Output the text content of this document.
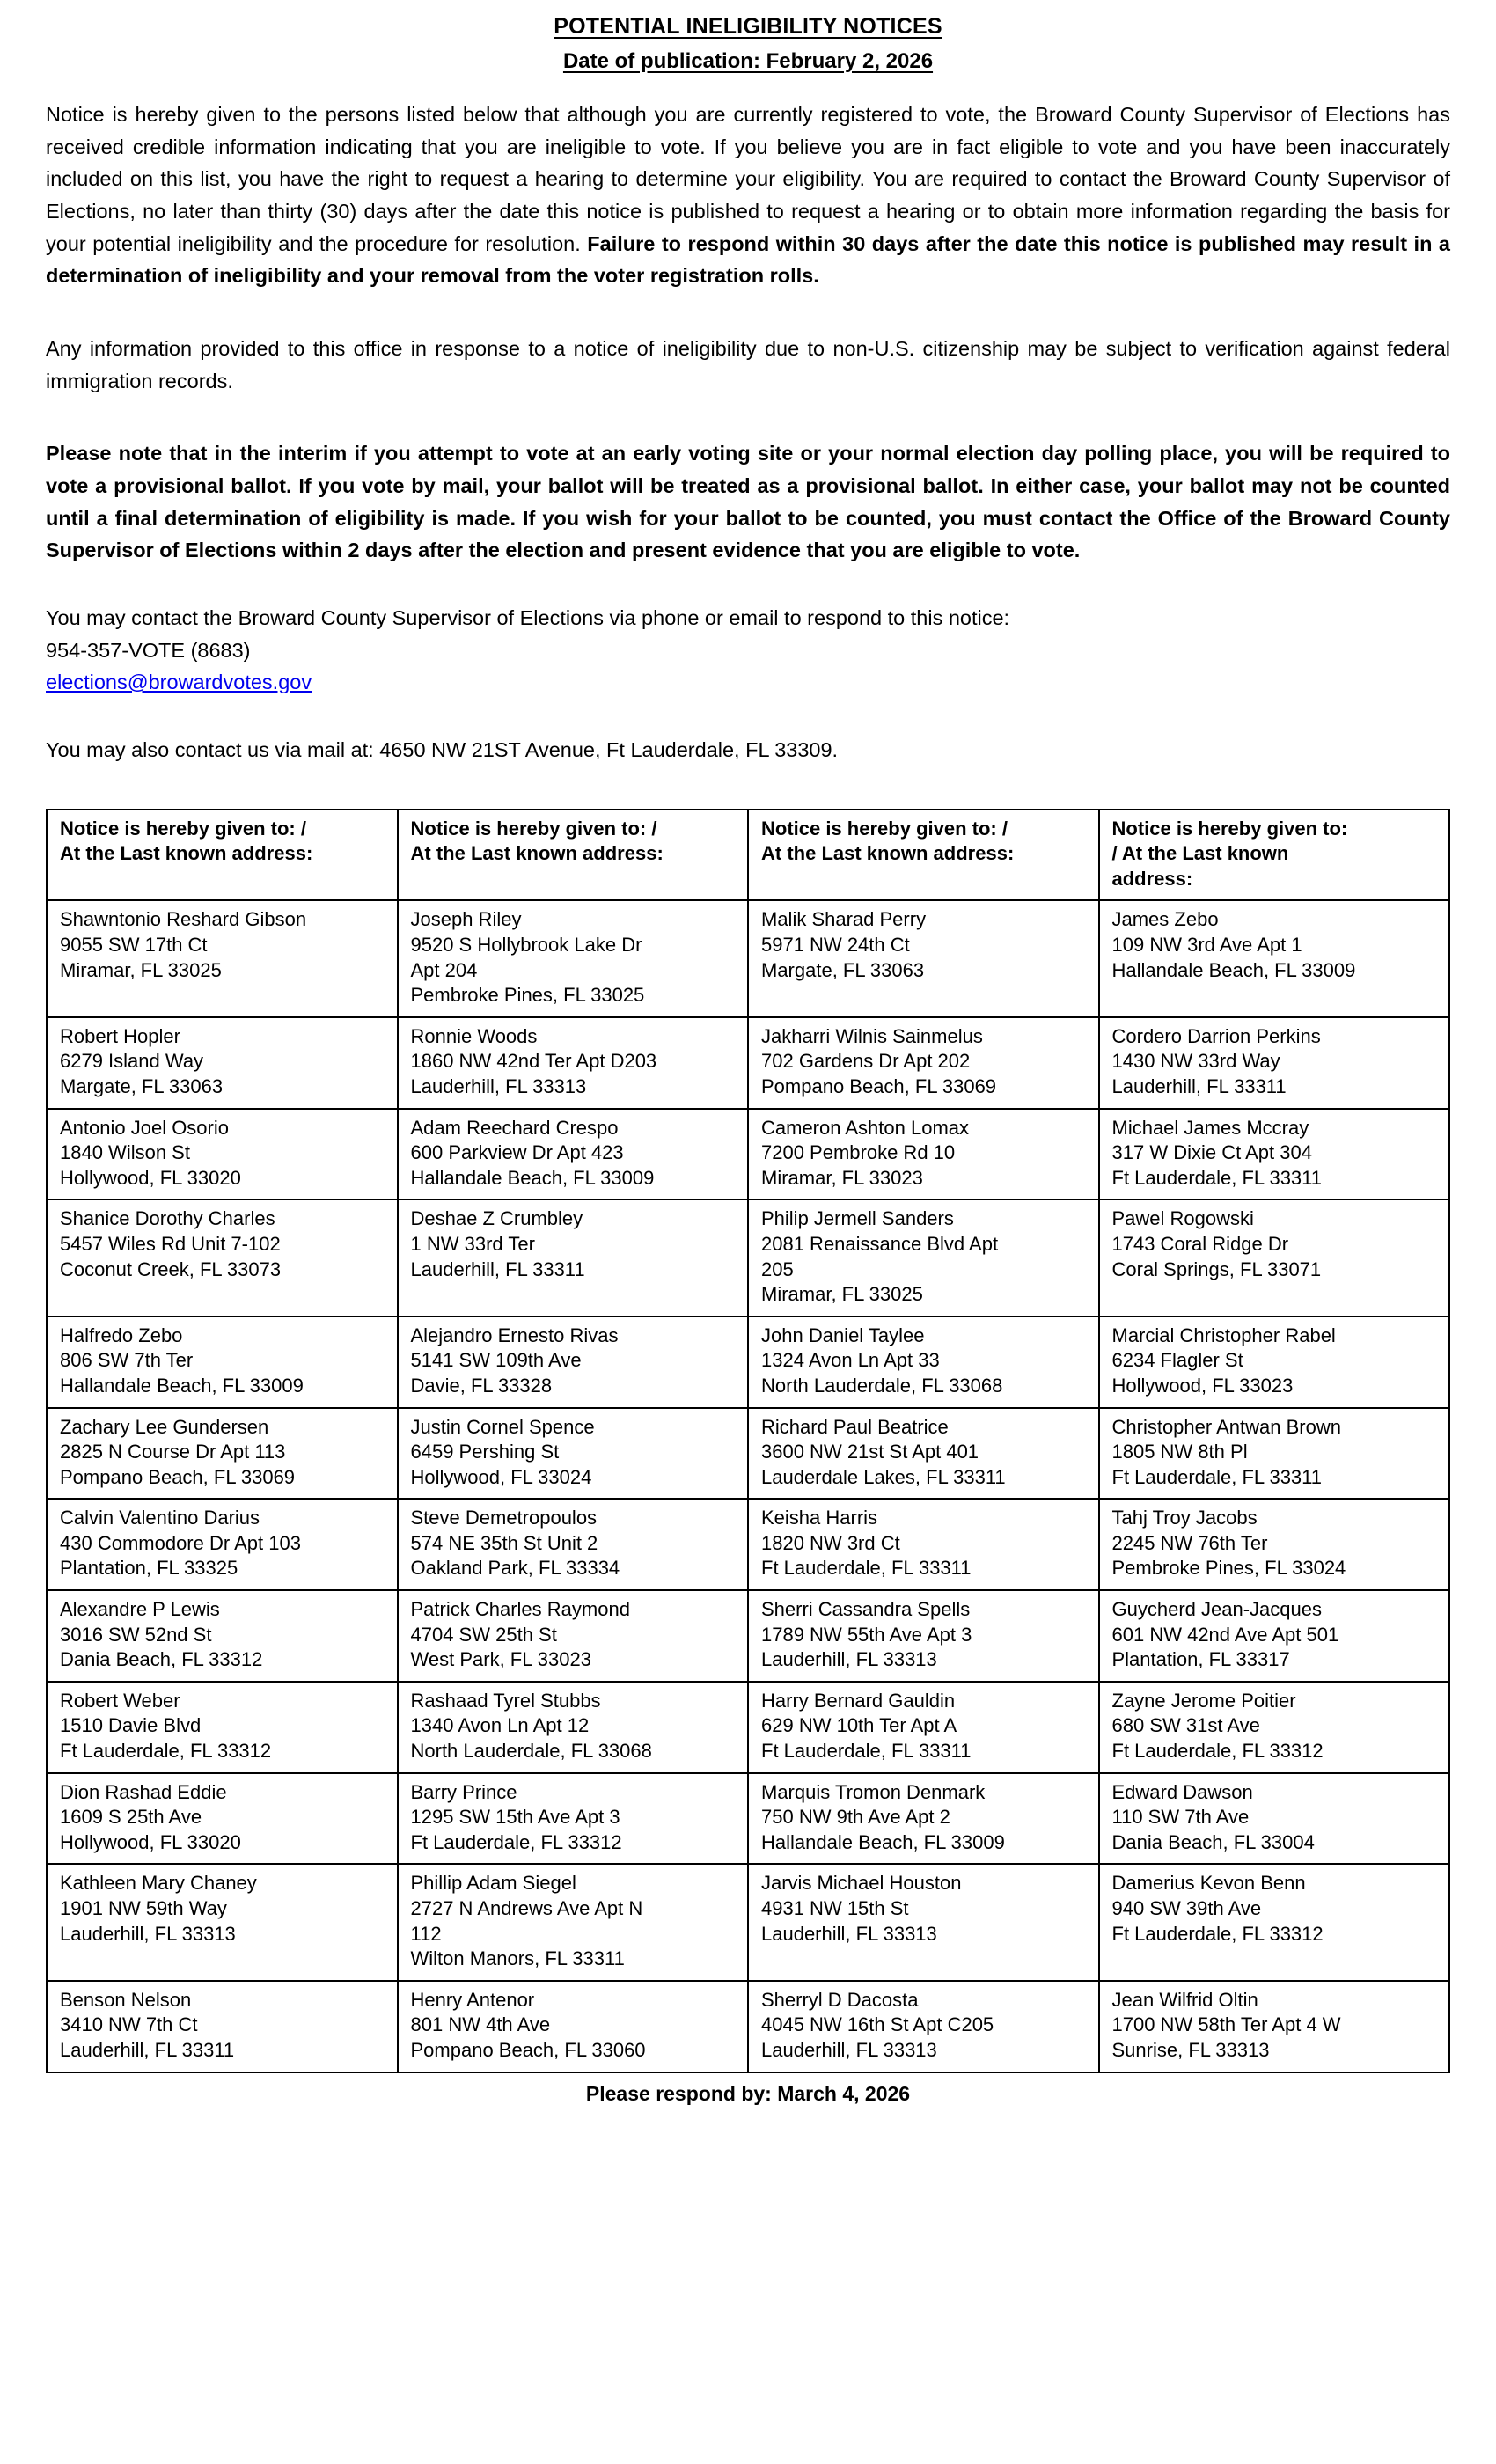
POTENTIAL INELIGIBILITY NOTICES
Date of publication: February 2, 2026

Notice is hereby given to the persons listed below that although you are currently registered to vote, the Broward County Supervisor of Elections has received credible information indicating that you are ineligible to vote. If you believe you are in fact eligible to vote and you have been inaccurately included on this list, you have the right to request a hearing to determine your eligibility. You are required to contact the Broward County Supervisor of Elections, no later than thirty (30) days after the date this notice is published to request a hearing or to obtain more information regarding the basis for your potential ineligibility and the procedure for resolution. Failure to respond within 30 days after the date this notice is published may result in a determination of ineligibility and your removal from the voter registration rolls.

Any information provided to this office in response to a notice of ineligibility due to non-U.S. citizenship may be subject to verification against federal immigration records.

Please note that in the interim if you attempt to vote at an early voting site or your normal election day polling place, you will be required to vote a provisional ballot. If you vote by mail, your ballot will be treated as a provisional ballot. In either case, your ballot may not be counted until a final determination of eligibility is made. If you wish for your ballot to be counted, you must contact the Office of the Broward County Supervisor of Elections within 2 days after the election and present evidence that you are eligible to vote.

You may contact the Broward County Supervisor of Elections via phone or email to respond to this notice:
954-357-VOTE (8683)
elections@browardvotes.gov
You may also contact us via mail at: 4650 NW 21ST Avenue, Ft Lauderdale, FL 33309.
Notice is hereby given to: /
At the Last known address:	Notice is hereby given to: /
At the Last known address:	Notice is hereby given to: /
At the Last known address:	Notice is hereby given to:
/ At the Last known
address:

Shawntonio Reshard Gibson
9055 SW 17th Ct
Miramar, FL 33025	Joseph Riley
9520 S Hollybrook Lake Dr
Apt 204
Pembroke Pines, FL 33025	Malik Sharad Perry
5971 NW 24th Ct
Margate, FL 33063	James Zebo
109 NW 3rd Ave Apt 1
Hallandale Beach, FL 33009

Robert Hopler
6279 Island Way
Margate, FL 33063	Ronnie Woods
1860 NW 42nd Ter Apt D203
Lauderhill, FL 33313	Jakharri Wilnis Sainmelus
702 Gardens Dr Apt 202
Pompano Beach, FL 33069	Cordero Darrion Perkins
1430 NW 33rd Way
Lauderhill, FL 33311

Antonio Joel Osorio
1840 Wilson St
Hollywood, FL 33020	Adam Reechard Crespo
600 Parkview Dr Apt 423
Hallandale Beach, FL 33009	Cameron Ashton Lomax
7200 Pembroke Rd 10
Miramar, FL 33023	Michael James Mccray
317 W Dixie Ct Apt 304
Ft Lauderdale, FL 33311

Shanice Dorothy Charles
5457 Wiles Rd Unit 7-102
Coconut Creek, FL 33073	Deshae Z Crumbley
1 NW 33rd Ter
Lauderhill, FL 33311	Philip Jermell Sanders
2081 Renaissance Blvd Apt
205
Miramar, FL 33025	Pawel Rogowski
1743 Coral Ridge Dr
Coral Springs, FL 33071

Halfredo Zebo
806 SW 7th Ter
Hallandale Beach, FL 33009	Alejandro Ernesto Rivas
5141 SW 109th Ave
Davie, FL 33328	John Daniel Taylee
1324 Avon Ln Apt 33
North Lauderdale, FL 33068	Marcial Christopher Rabel
6234 Flagler St
Hollywood, FL 33023

Zachary Lee Gundersen
2825 N Course Dr Apt 113
Pompano Beach, FL 33069	Justin Cornel Spence
6459 Pershing St
Hollywood, FL 33024	Richard Paul Beatrice
3600 NW 21st St Apt 401
Lauderdale Lakes, FL 33311	Christopher Antwan Brown
1805 NW 8th Pl
Ft Lauderdale, FL 33311

Calvin Valentino Darius
430 Commodore Dr Apt 103
Plantation, FL 33325	Steve Demetropoulos
574 NE 35th St Unit 2
Oakland Park, FL 33334	Keisha Harris
1820 NW 3rd Ct
Ft Lauderdale, FL 33311	Tahj Troy Jacobs
2245 NW 76th Ter
Pembroke Pines, FL 33024

Alexandre P Lewis
3016 SW 52nd St
Dania Beach, FL 33312	Patrick Charles Raymond
4704 SW 25th St
West Park, FL 33023	Sherri Cassandra Spells
1789 NW 55th Ave Apt 3
Lauderhill, FL 33313	Guycherd Jean-Jacques
601 NW 42nd Ave Apt 501
Plantation, FL 33317

Robert Weber
1510 Davie Blvd
Ft Lauderdale, FL 33312	Rashaad Tyrel Stubbs
1340 Avon Ln Apt 12
North Lauderdale, FL 33068	Harry Bernard Gauldin
629 NW 10th Ter Apt A
Ft Lauderdale, FL 33311	Zayne Jerome Poitier
680 SW 31st Ave
Ft Lauderdale, FL 33312

Dion Rashad Eddie
1609 S 25th Ave
Hollywood, FL 33020	Barry Prince
1295 SW 15th Ave Apt 3
Ft Lauderdale, FL 33312	Marquis Tromon Denmark
750 NW 9th Ave Apt 2
Hallandale Beach, FL 33009	Edward Dawson
110 SW 7th Ave
Dania Beach, FL 33004

Kathleen Mary Chaney
1901 NW 59th Way
Lauderhill, FL 33313	Phillip Adam Siegel
2727 N Andrews Ave Apt N
112
Wilton Manors, FL 33311	Jarvis Michael Houston
4931 NW 15th St
Lauderhill, FL 33313	Damerius Kevon Benn
940 SW 39th Ave
Ft Lauderdale, FL 33312

Benson Nelson
3410 NW 7th Ct
Lauderhill, FL 33311	Henry Antenor
801 NW 4th Ave
Pompano Beach, FL 33060	Sherryl D Dacosta
4045 NW 16th St Apt C205
Lauderhill, FL 33313	Jean Wilfrid Oltin
1700 NW 58th Ter Apt 4 W
Sunrise, FL 33313
Please respond by: March 4, 2026
